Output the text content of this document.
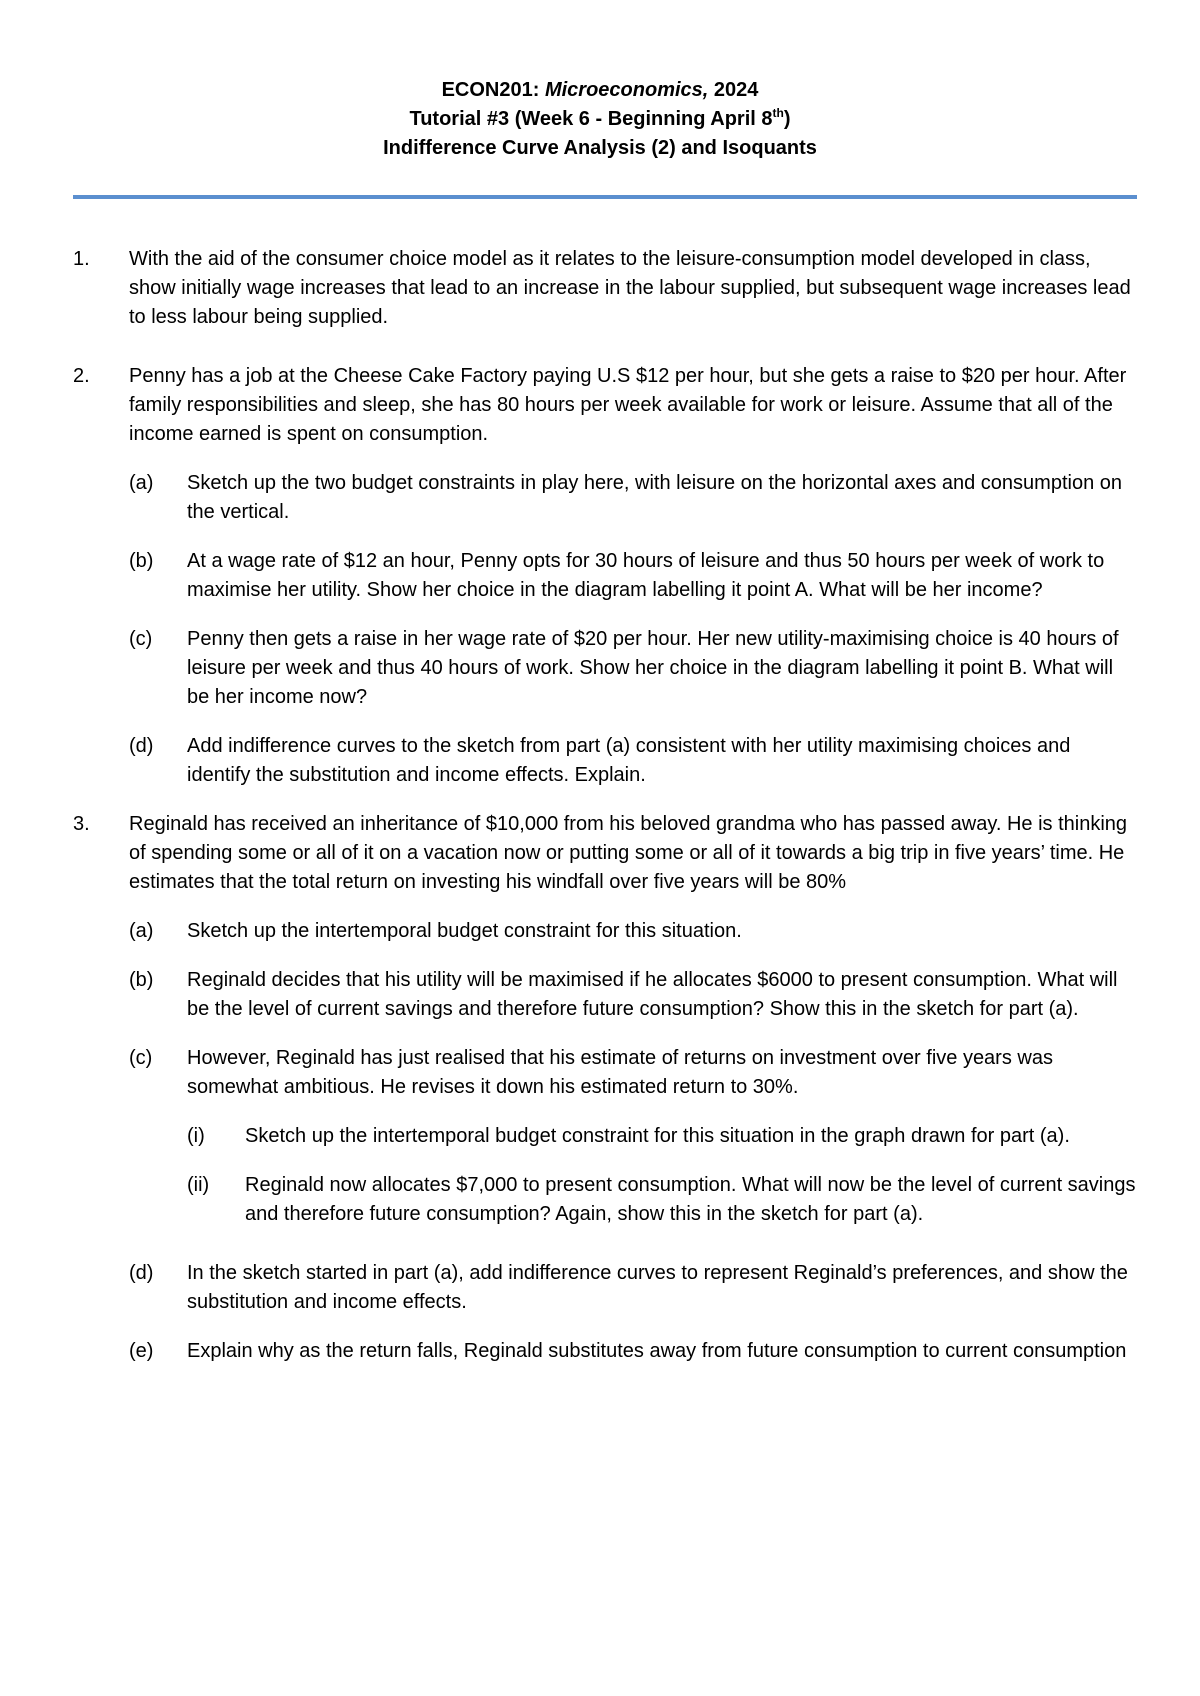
ECON201: Microeconomics, 2024
Tutorial #3 (Week 6 - Beginning April 8th)
Indifference Curve Analysis (2) and Isoquants
1. With the aid of the consumer choice model as it relates to the leisure-consumption model developed in class, show initially wage increases that lead to an increase in the labour supplied, but subsequent wage increases lead to less labour being supplied.
2. Penny has a job at the Cheese Cake Factory paying U.S $12 per hour, but she gets a raise to $20 per hour. After family responsibilities and sleep, she has 80 hours per week available for work or leisure. Assume that all of the income earned is spent on consumption.
(a) Sketch up the two budget constraints in play here, with leisure on the horizontal axes and consumption on the vertical.
(b) At a wage rate of $12 an hour, Penny opts for 30 hours of leisure and thus 50 hours per week of work to maximise her utility. Show her choice in the diagram labelling it point A. What will be her income?
(c) Penny then gets a raise in her wage rate of $20 per hour. Her new utility-maximising choice is 40 hours of leisure per week and thus 40 hours of work. Show her choice in the diagram labelling it point B. What will be her income now?
(d) Add indifference curves to the sketch from part (a) consistent with her utility maximising choices and identify the substitution and income effects. Explain.
3. Reginald has received an inheritance of $10,000 from his beloved grandma who has passed away. He is thinking of spending some or all of it on a vacation now or putting some or all of it towards a big trip in five years’ time. He estimates that the total return on investing his windfall over five years will be 80%
(a) Sketch up the intertemporal budget constraint for this situation.
(b) Reginald decides that his utility will be maximised if he allocates $6000 to present consumption. What will be the level of current savings and therefore future consumption? Show this in the sketch for part (a).
(c) However, Reginald has just realised that his estimate of returns on investment over five years was somewhat ambitious. He revises it down his estimated return to 30%.
(i) Sketch up the intertemporal budget constraint for this situation in the graph drawn for part (a).
(ii) Reginald now allocates $7,000 to present consumption. What will now be the level of current savings and therefore future consumption? Again, show this in the sketch for part (a).
(d) In the sketch started in part (a), add indifference curves to represent Reginald’s preferences, and show the substitution and income effects.
(e) Explain why as the return falls, Reginald substitutes away from future consumption to current consumption
